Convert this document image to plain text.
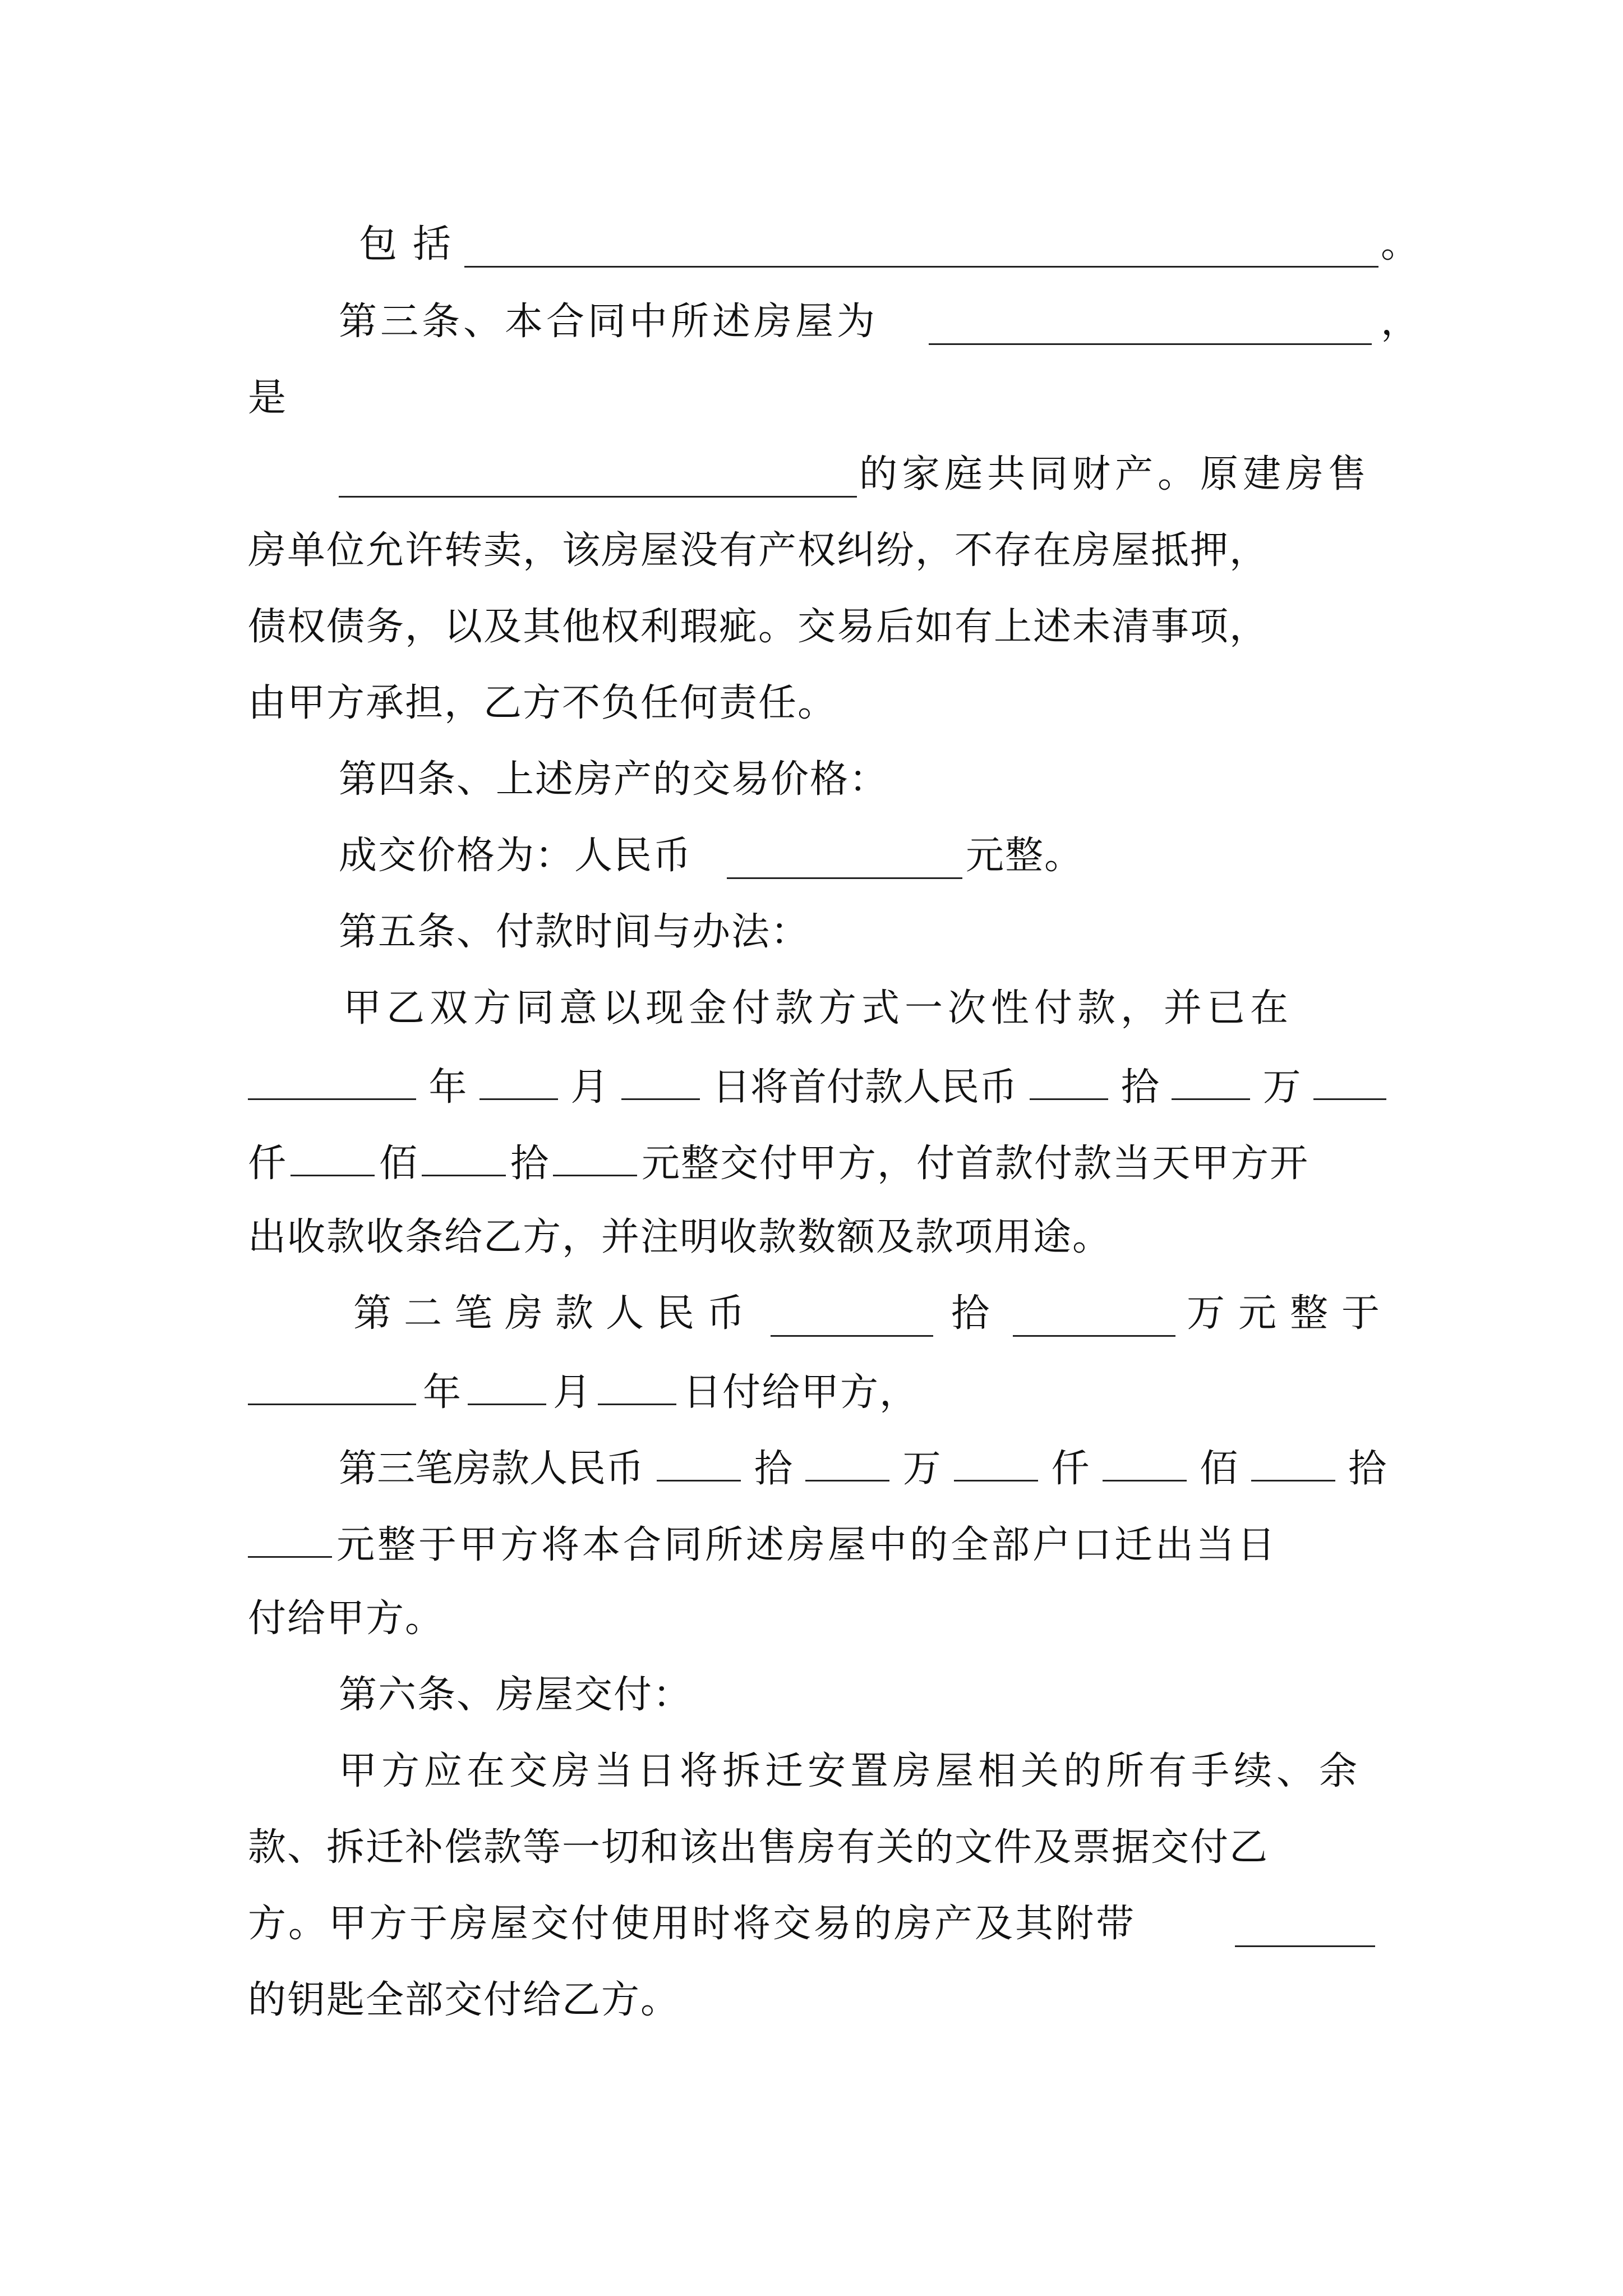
包括	。
第三条、本合同中所述房屋为	，
是
的家庭共同财产。原建房售
房单位允许转卖，该房屋没有产权纠纷，不存在房屋抵押，
债权债务，以及其他权利瑕疵。交易后如有上述未清事项，
由甲方承担，乙方不负任何责任。
第四条、上述房产的交易价格：
成交价格为：人民币	元整。
第五条、付款时间与办法：
甲乙双方同意以现金付款方式一次性付款，并已在
年	月	日将首付款人民币	拾	万
仟 佰 拾 元整交付甲方，付首款付款当天甲方开
出收款收条给乙方，并注明收款数额及款项用途。
第二笔房款人民币	拾	万元整于
年 月 日付给甲方，
第三笔房款人民币	拾	万	仟	佰	拾
元整于甲方将本合同所述房屋中的全部户口迁出当日
付给甲方。
第六条、房屋交付：
甲方应在交房当日将拆迁安置房屋相关的所有手续、余
款、拆迁补偿款等一切和该出售房有关的文件及票据交付乙
方。甲方于房屋交付使用时将交易的房产及其附带
的钥匙全部交付给乙方。
